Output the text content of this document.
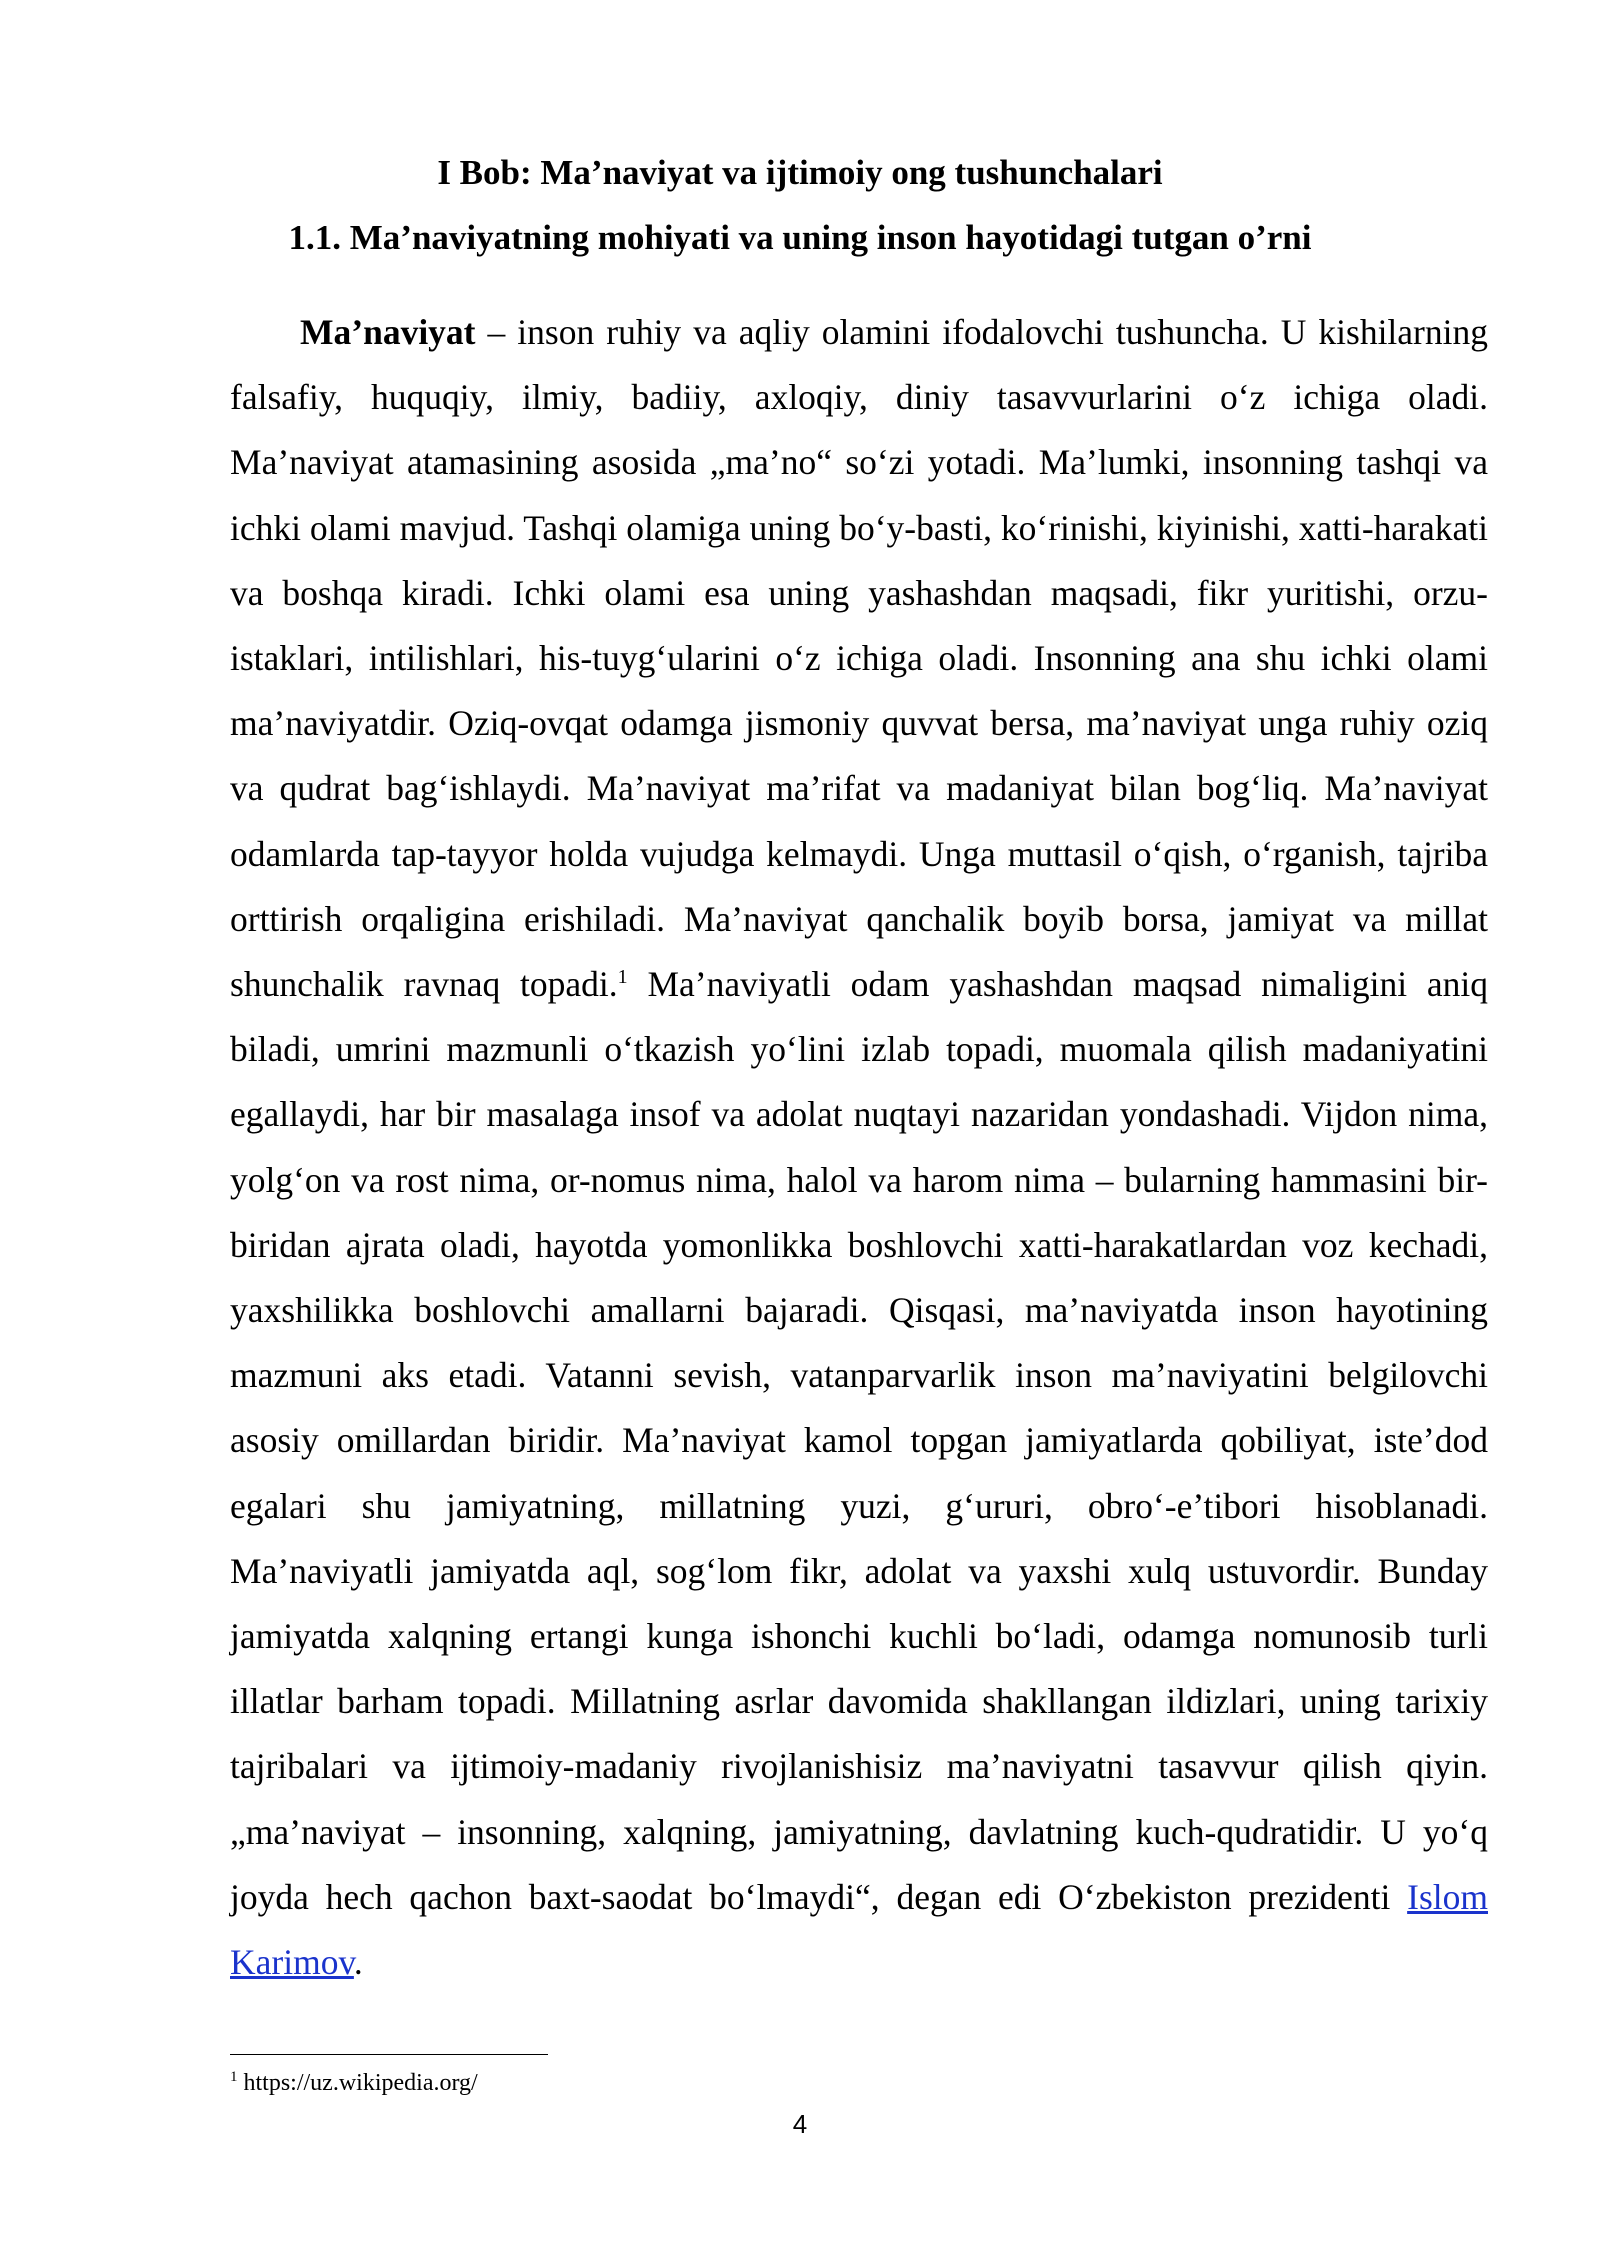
I Bob: Ma’naviyat va ijtimoiy ong tushunchalari
1.1. Ma’naviyatning mohiyati va uning inson hayotidagi tutgan o’rni

Ma’naviyat – inson ruhiy va aqliy olamini ifodalovchi tushuncha. U kishilarning falsafiy, huquqiy, ilmiy, badiiy, axloqiy, diniy tasavvurlarini o‘z ichiga oladi. Ma’naviyat atamasining asosida „ma’no“ so‘zi yotadi. Ma’lumki, insonning tashqi va ichki olami mavjud. Tashqi olamiga uning bo‘y-basti, ko‘rinishi, kiyinishi, xatti-harakati va boshqa kiradi. Ichki olami esa uning yashashdan maqsadi, fikr yuritishi, orzu-istaklari, intilishlari, his-tuyg‘ularini o‘z ichiga oladi. Insonning ana shu ichki olami ma’naviyatdir. Oziq-ovqat odamga jismoniy quvvat bersa, ma’naviyat unga ruhiy oziq va qudrat bag‘ishlaydi. Ma’naviyat ma’rifat va madaniyat bilan bog‘liq. Ma’naviyat odamlarda tap-tayyor holda vujudga kelmaydi. Unga muttasil o‘qish, o‘rganish, tajriba orttirish orqaligina erishiladi. Ma’naviyat qanchalik boyib borsa, jamiyat va millat shunchalik ravnaq topadi.$^1$ Ma’naviyatli odam yashashdan maqsad nimaligini aniq biladi, umrini mazmunli o‘tkazish yo‘lini izlab topadi, muomala qilish madaniyatini egallaydi, har bir masalaga insof va adolat nuqtayi nazaridan yondashadi. Vijdon nima, yolg‘on va rost nima, or-nomus nima, halol va harom nima – bularning hammasini bir-biridan ajrata oladi, hayotda yomonlikka boshlovchi xatti-harakatlardan voz kechadi, yaxshilikka boshlovchi amallarni bajaradi. Qisqasi, ma’naviyatda inson hayotining mazmuni aks etadi. Vatanni sevish, vatanparvarlik inson ma’naviyatini belgilovchi asosiy omillardan biridir. Ma’naviyat kamol topgan jamiyatlarda qobiliyat, iste’dod egalari shu jamiyatning, millatning yuzi, g‘ururi, obro‘-e’tibori hisoblanadi. Ma’naviyatli jamiyatda aql, sog‘lom fikr, adolat va yaxshi xulq ustuvordir. Bunday jamiyatda xalqning ertangi kunga ishonchi kuchli bo‘ladi, odamga nomunosib turli illatlar barham topadi. Millatning asrlar davomida shakllangan ildizlari, uning tarixiy tajribalari va ijtimoiy-madaniy rivojlanishisiz ma’naviyatni tasavvur qilish qiyin. „ma’naviyat – insonning, xalqning, jamiyatning, davlatning kuch-qudratidir. U yo‘q joyda hech qachon baxt-saodat bo‘lmaydi“, degan edi O‘zbekiston prezidenti Islom Karimov.

$^1$ https://uz.wikipedia.org/
4
